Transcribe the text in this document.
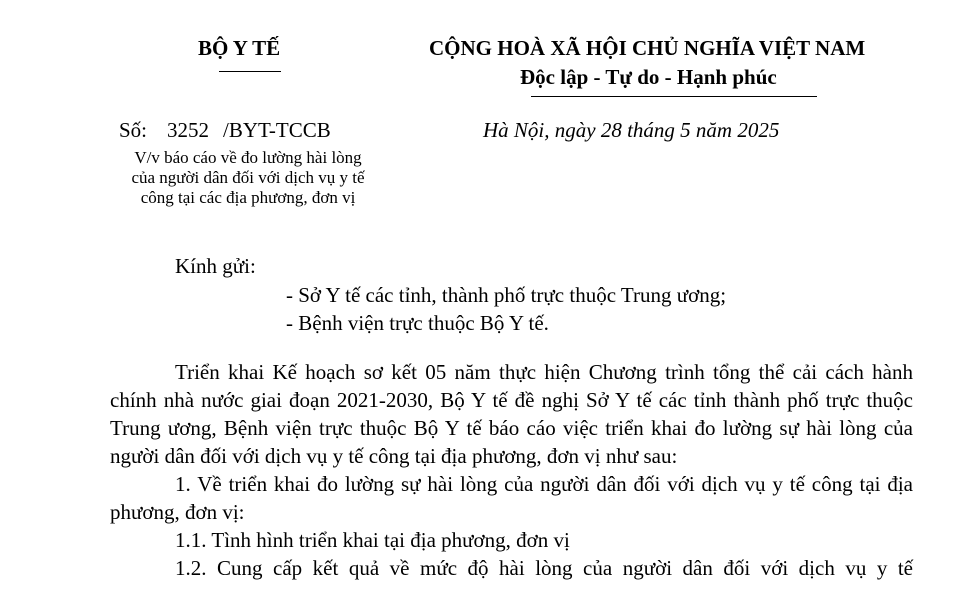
BỘ Y TẾ	CỘNG HOÀ XÃ HỘI CHỦ NGHĨA VIỆT NAM
Độc lập - Tự do - Hạnh phúc
Số: 3252 /BYT-TCCB	Hà Nội, ngày 28 tháng 5 năm 2025
V/v báo cáo về đo lường hài lòng
của người dân đối với dịch vụ y tế
công tại các địa phương, đơn vị
Kính gửi:
- Sở Y tế các tỉnh, thành phố trực thuộc Trung ương;
- Bệnh viện trực thuộc Bộ Y tế.

Triển khai Kế hoạch sơ kết 05 năm thực hiện Chương trình tổng thể cải cách hành chính nhà nước giai đoạn 2021-2030, Bộ Y tế đề nghị Sở Y tế các tỉnh thành phố trực thuộc Trung ương, Bệnh viện trực thuộc Bộ Y tế báo cáo việc triển khai đo lường sự hài lòng của người dân đối với dịch vụ y tế công tại địa phương, đơn vị như sau:

1. Về triển khai đo lường sự hài lòng của người dân đối với dịch vụ y tế công tại địa phương, đơn vị:

1.1. Tình hình triển khai tại địa phương, đơn vị

1.2. Cung cấp kết quả về mức độ hài lòng của người dân đối với dịch vụ y tế
